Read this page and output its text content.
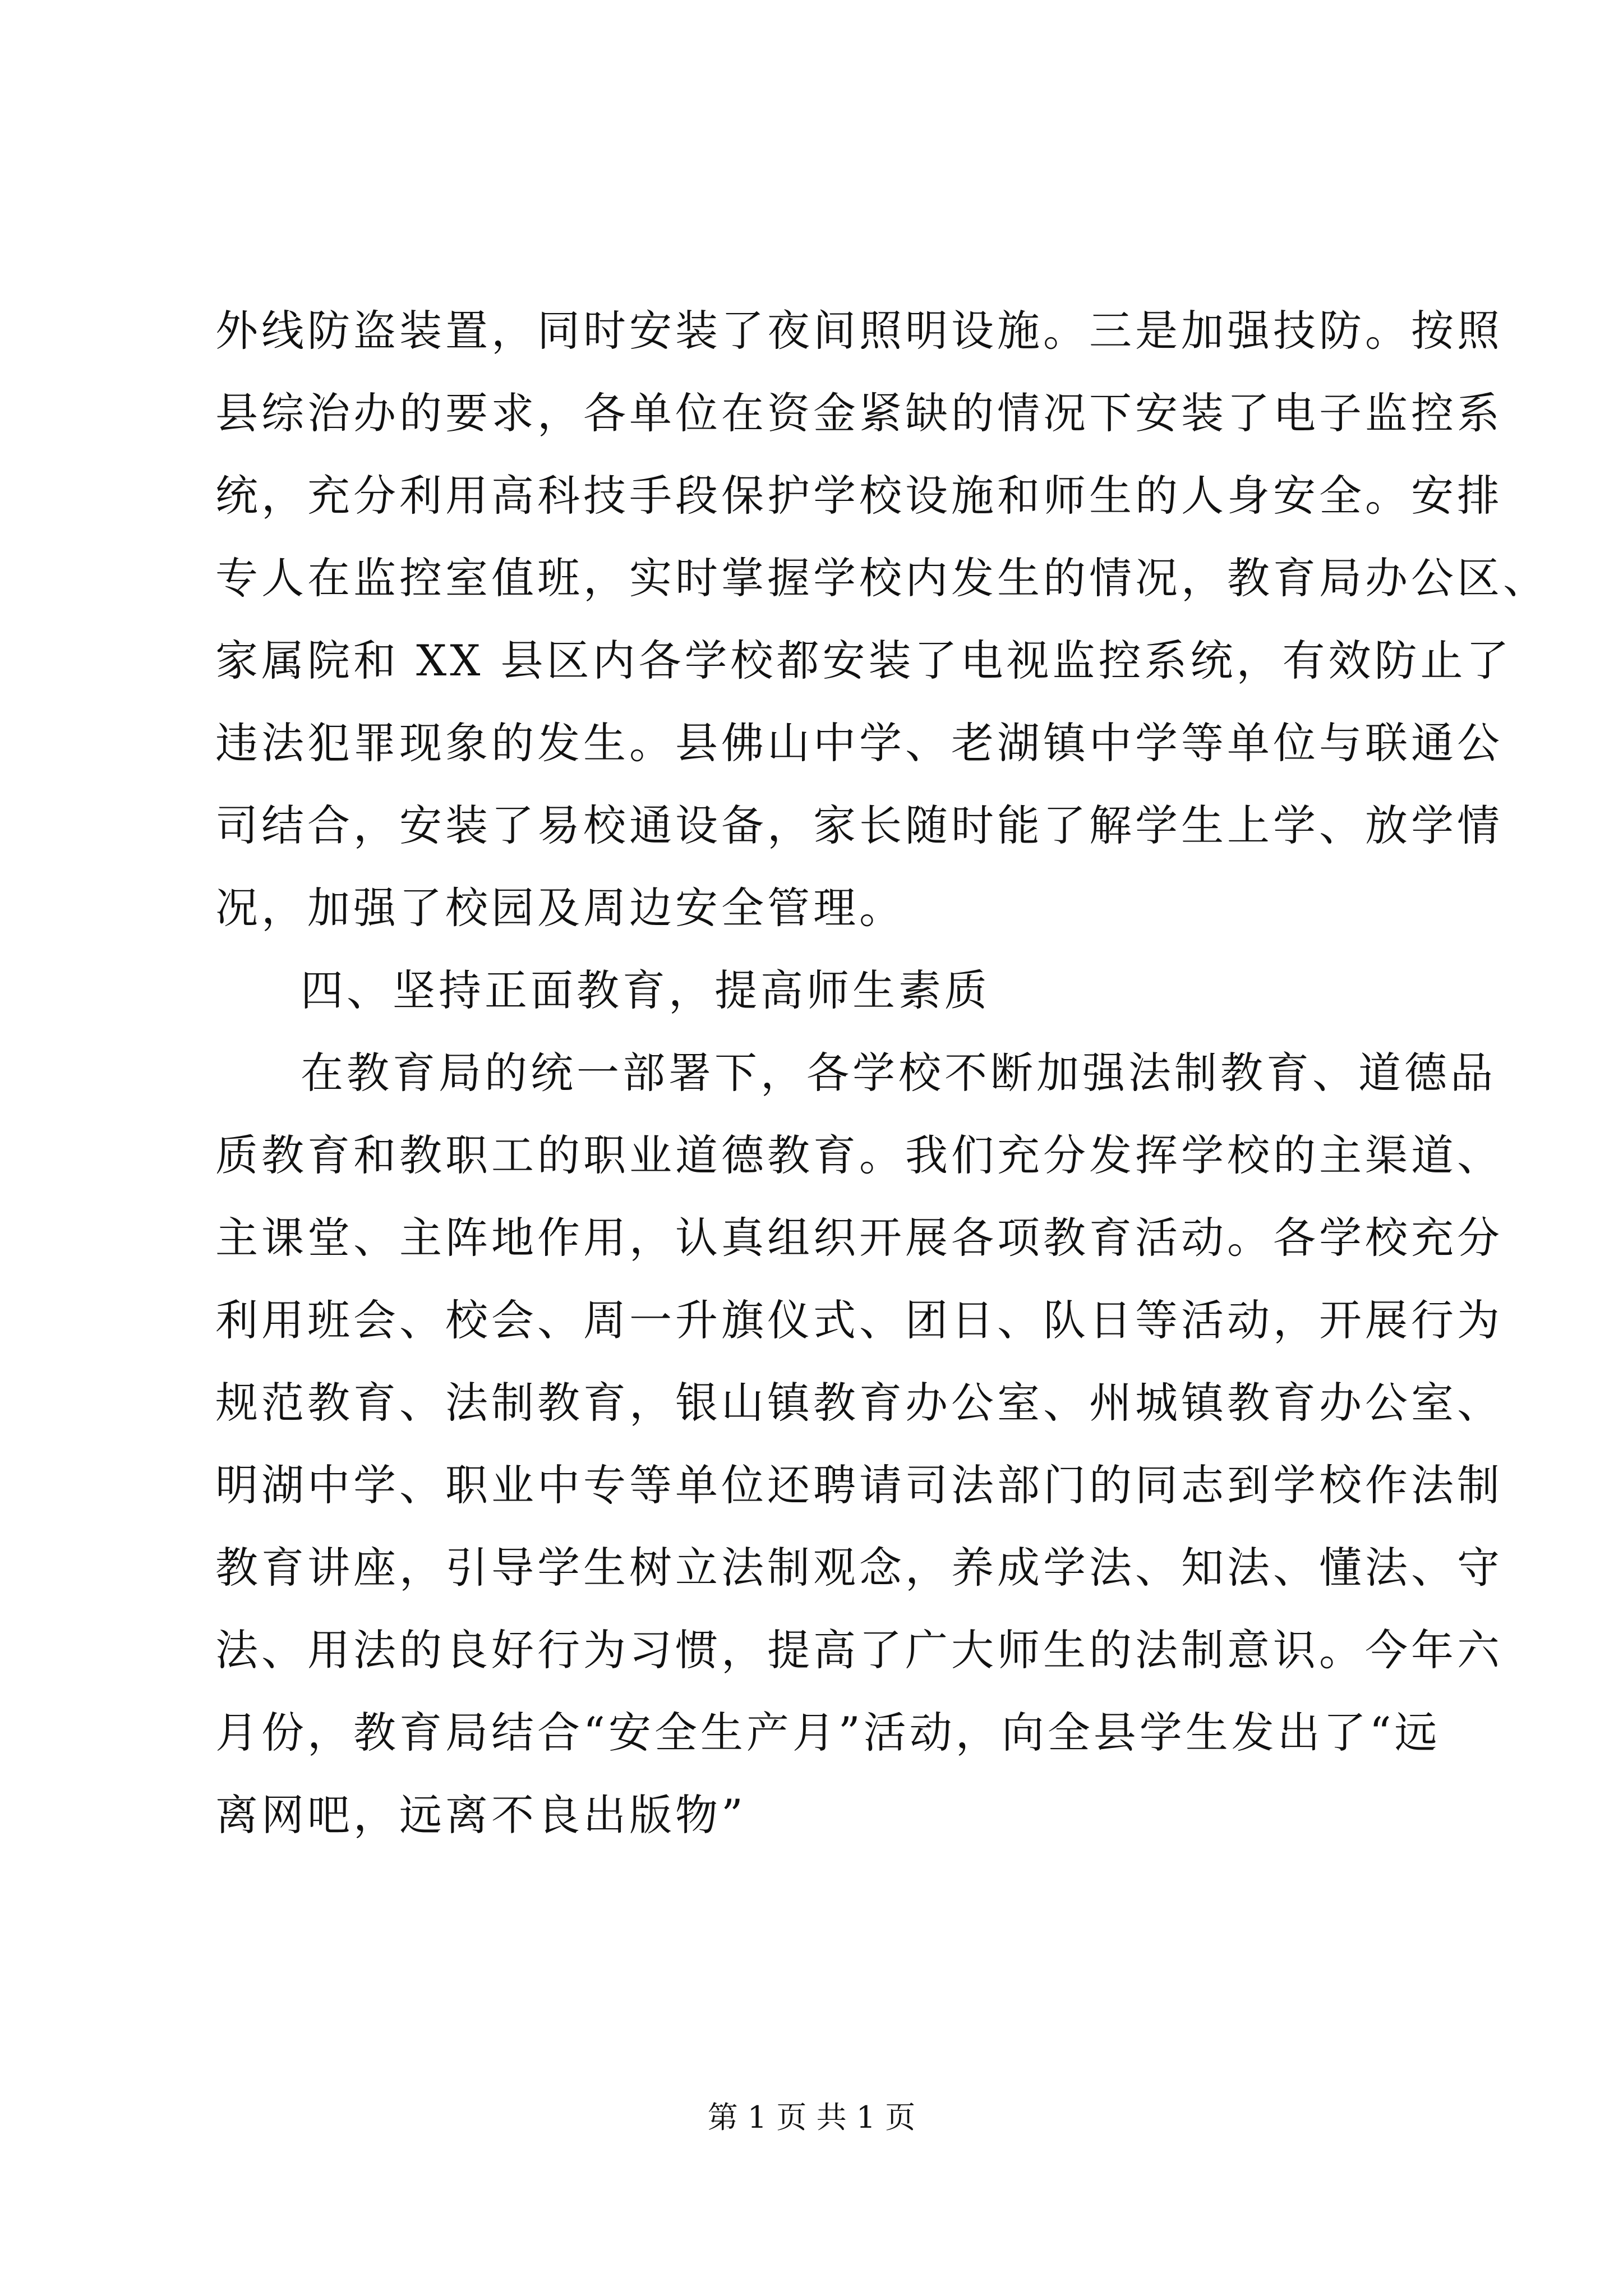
外线防盗装置，同时安装了夜间照明设施。三是加强技防。按照
县综治办的要求，各单位在资金紧缺的情况下安装了电子监控系
统，充分利用高科技手段保护学校设施和师生的人身安全。安排
专人在监控室值班，实时掌握学校内发生的情况，教育局办公区、
家属院和 XX 县区内各学校都安装了电视监控系统，有效防止了
违法犯罪现象的发生。县佛山中学、老湖镇中学等单位与联通公
司结合，安装了易校通设备，家长随时能了解学生上学、放学情
况，加强了校园及周边安全管理。
四、坚持正面教育，提高师生素质
在教育局的统一部署下，各学校不断加强法制教育、道德品
质教育和教职工的职业道德教育。我们充分发挥学校的主渠道、
主课堂、主阵地作用，认真组织开展各项教育活动。各学校充分
利用班会、校会、周一升旗仪式、团日、队日等活动，开展行为
规范教育、法制教育，银山镇教育办公室、州城镇教育办公室、
明湖中学、职业中专等单位还聘请司法部门的同志到学校作法制
教育讲座，引导学生树立法制观念，养成学法、知法、懂法、守
法、用法的良好行为习惯，提高了广大师生的法制意识。今年六
月份，教育局结合“安全生产月”活动，向全县学生发出了“远
离网吧，远离不良出版物”
第 1 页 共 1 页
